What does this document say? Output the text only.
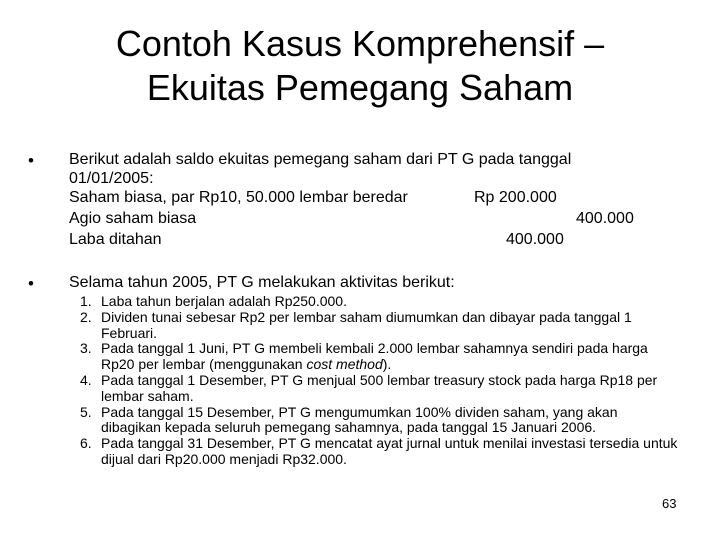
Contoh Kasus Komprehensif –
Ekuitas Pemegang Saham
• Berikut adalah saldo ekuitas pemegang saham dari PT G pada tanggal
01/01/2005:
Saham biasa, par Rp10, 50.000 lembar beredar	Rp 200.000
Agio saham biasa	400.000
Laba ditahan	400.000
• Selama tahun 2005, PT G melakukan aktivitas berikut:
1. Laba tahun berjalan adalah Rp250.000.
2. Dividen tunai sebesar Rp2 per lembar saham diumumkan dan dibayar pada tanggal 1 Februari.
3. Pada tanggal 1 Juni, PT G membeli kembali 2.000 lembar sahamnya sendiri pada harga Rp20 per lembar (menggunakan cost method).
4. Pada tanggal 1 Desember, PT G menjual 500 lembar treasury stock pada harga Rp18 per lembar saham.
5. Pada tanggal 15 Desember, PT G mengumumkan 100% dividen saham, yang akan dibagikan kepada seluruh pemegang sahamnya, pada tanggal 15 Januari 2006.
6. Pada tanggal 31 Desember, PT G mencatat ayat jurnal untuk menilai investasi tersedia untuk dijual dari Rp20.000 menjadi Rp32.000.
63
